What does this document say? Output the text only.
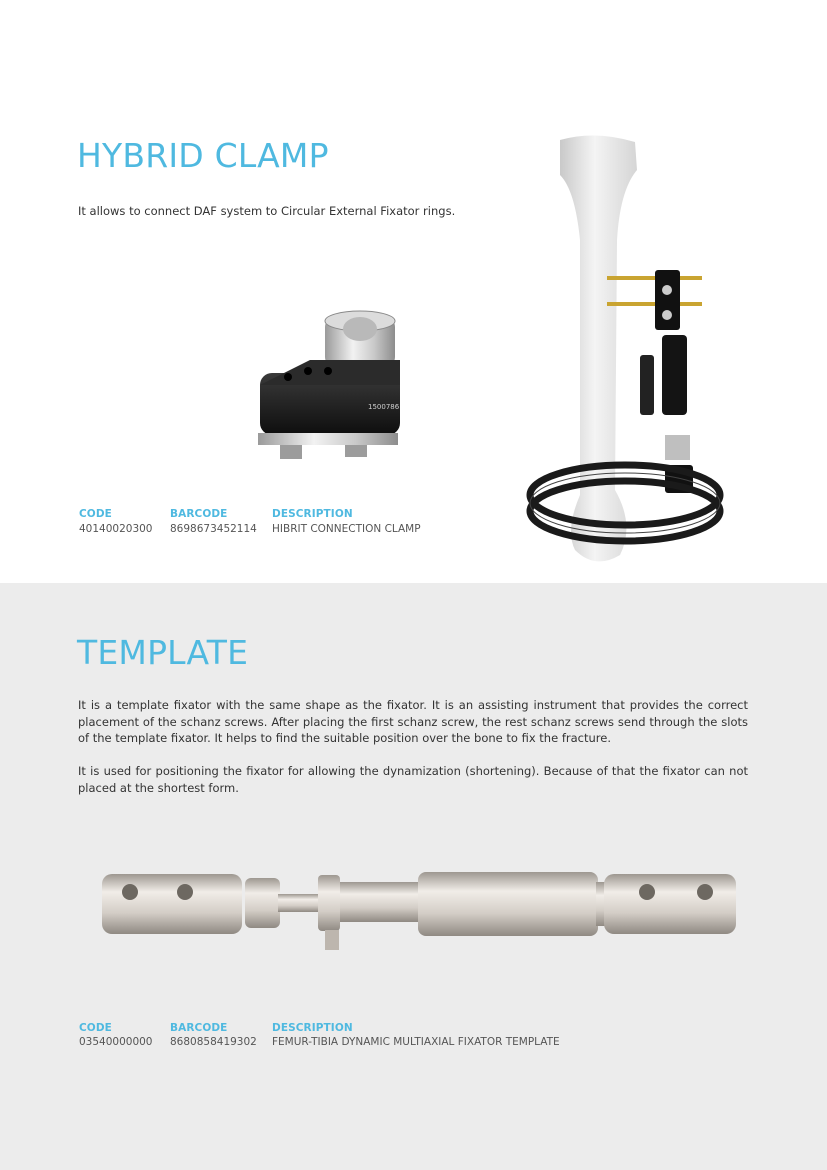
HYBRID CLAMP

It allows to connect DAF system to Circular External Fixator rings.

1500786

CODE	BARCODE	DESCRIPTION

40140020300 8698673452114 HIBRIT CONNECTION CLAMP

TEMPLATE

It is a template fixator with the same shape as the fixator. It is an assisting instrument that provides the correct placement of the schanz screws. After placing the first schanz screw, the rest schanz screws send through the slots of the template fixator. It helps to find the suitable position over the bone to fix the fracture.

It is used for positioning the fixator for allowing the dynamization (shortening). Because of that the fixator can not placed at the shortest form.

CODE	BARCODE	DESCRIPTION

03540000000 8680858419302 FEMUR-TIBIA DYNAMIC MULTIAXIAL FIXATOR TEMPLATE
